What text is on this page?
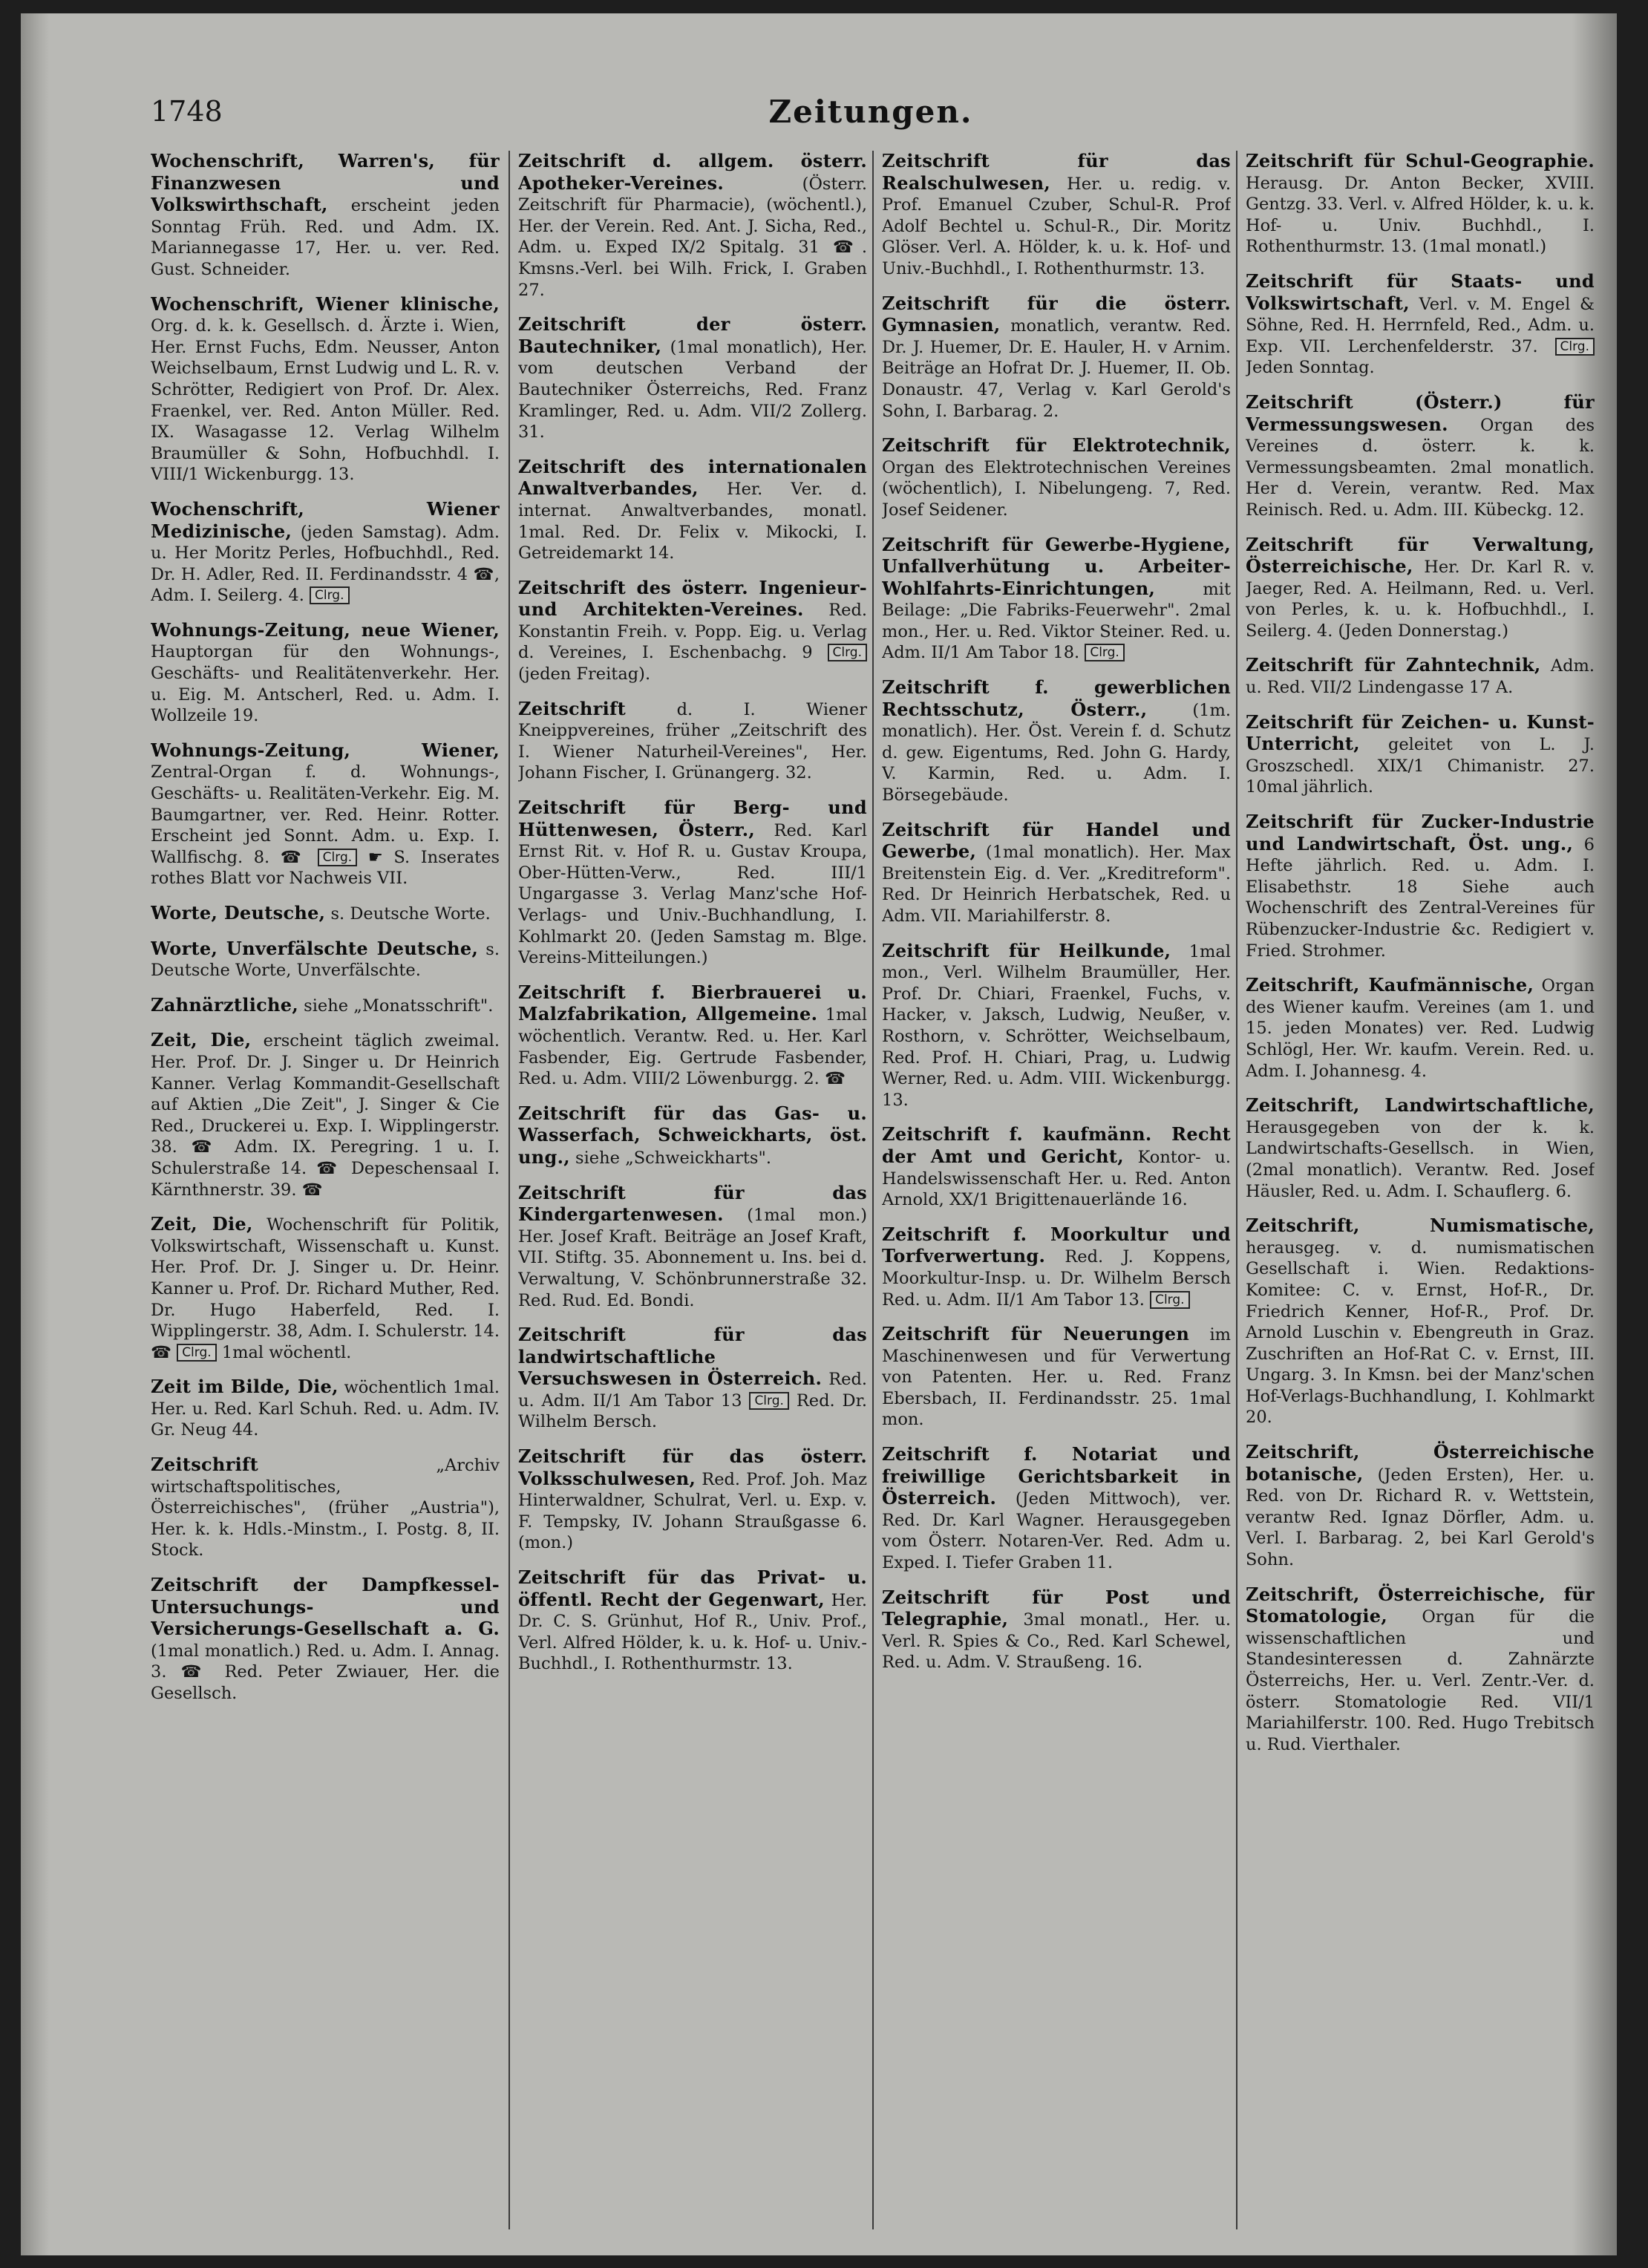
1748	Zeitungen.
Wochenschrift, Warren's, für Finanzwesen und Volkswirthschaft, erscheint jeden Sonntag Früh. Red. und Adm. IX. Mariannegasse 17, Her. u. ver. Red. Gust. Schneider.
Wochenschrift, Wiener klinische, Org. d. k. k. Gesellsch. d. Ärzte i. Wien, Her. Ernst Fuchs, Edm. Neusser, Anton Weichselbaum, Ernst Ludwig und L. R. v. Schrötter, Redigiert von Prof. Dr. Alex. Fraenkel, ver. Red. Anton Müller. Red. IX. Wasagasse 12. Verlag Wilhelm Braumüller & Sohn, Hofbuchhdl. I. VIII/1 Wickenburgg. 13.
Wochenschrift, Wiener Medizinische, (jeden Samstag). Adm. u. Her Moritz Perles, Hofbuchhdl., Red. Dr. H. Adler, Red. II. Ferdinandsstr. 4 ☎, Adm. I. Seilerg. 4. Clrg.
Wohnungs-Zeitung, neue Wiener, Hauptorgan für den Wohnungs-, Geschäfts- und Realitätenverkehr. Her. u. Eig. M. Antscherl, Red. u. Adm. I. Wollzeile 19.
Wohnungs-Zeitung, Wiener, Zentral-Organ f. d. Wohnungs-, Geschäfts- u. Realitäten-Verkehr. Eig. M. Baumgartner, ver. Red. Heinr. Rotter. Erscheint jed Sonnt. Adm. u. Exp. I. Wallfischg. 8. ☎ Clrg. ☛ S. Inserates rothes Blatt vor Nachweis VII.
Worte, Deutsche, s. Deutsche Worte.
Worte, Unverfälschte Deutsche, s. Deutsche Worte, Unverfälschte.
Zahnärztliche, siehe „Monatsschrift".
Zeit, Die, erscheint täglich zweimal. Her. Prof. Dr. J. Singer u. Dr Heinrich Kanner. Verlag Kommandit-Gesellschaft auf Aktien „Die Zeit", J. Singer & Cie Red., Druckerei u. Exp. I. Wipplingerstr. 38. ☎ Adm. IX. Peregring. 1 u. I. Schulerstraße 14. ☎ Depeschensaal I. Kärnthnerstr. 39. ☎
Zeit, Die, Wochenschrift für Politik, Volkswirtschaft, Wissenschaft u. Kunst. Her. Prof. Dr. J. Singer u. Dr. Heinr. Kanner u. Prof. Dr. Richard Muther, Red. Dr. Hugo Haberfeld, Red. I. Wipplingerstr. 38, Adm. I. Schulerstr. 14. ☎ Clrg. 1mal wöchentl.
Zeit im Bilde, Die, wöchentlich 1mal. Her. u. Red. Karl Schuh. Red. u. Adm. IV. Gr. Neug 44.
Zeitschrift	„Archiv wirtschaftspolitisches, Österreichisches", (früher „Austria"), Her. k. k. Hdls.-Minstm., I. Postg. 8, II. Stock.
Zeitschrift der Dampfkessel-Untersuchungs- und Versicherungs-Gesellschaft a. G. (1mal monatlich.) Red. u. Adm. I. Annag. 3. ☎ Red. Peter Zwiauer, Her. die Gesellsch.
Zeitschrift d. allgem. österr. Apotheker-Vereines.	(Österr. Zeitschrift für Pharmacie), (wöchentl.), Her. der Verein. Red. Ant. J. Sicha, Red., Adm. u. Exped IX/2 Spitalg. 31 ☎. Kmsns.-Verl. bei Wilh. Frick, I. Graben 27.
Zeitschrift der österr. Bautechniker, (1mal monatlich), Her. vom deutschen Verband der Bautechniker Österreichs, Red. Franz Kramlinger, Red. u. Adm. VII/2 Zollerg. 31.
Zeitschrift des internationalen Anwaltverbandes, Her. Ver. d. internat. Anwaltverbandes, monatl. 1mal. Red. Dr. Felix v. Mikocki, I. Getreidemarkt 14.
Zeitschrift des österr. Ingenieur- und Architekten-Vereines. Red. Konstantin Freih. v. Popp. Eig. u. Verlag d. Vereines, I. Eschenbachg. 9 Clrg. (jeden Freitag).
Zeitschrift	d. I. Wiener Kneippvereines, früher „Zeitschrift des I. Wiener Naturheil-Vereines", Her. Johann Fischer, I. Grünangerg. 32.
Zeitschrift für Berg- und Hüttenwesen, Österr., Red. Karl Ernst Rit. v. Hof R. u. Gustav Kroupa, Ober-Hütten-Verw., Red. III/1 Ungargasse 3. Verlag Manz'sche Hof-Verlags- und Univ.-Buchhandlung, I. Kohlmarkt 20. (Jeden Samstag m. Blge. Vereins-Mitteilungen.)
Zeitschrift f. Bierbrauerei u. Malzfabrikation, Allgemeine. 1mal wöchentlich. Verantw. Red. u. Her. Karl Fasbender, Eig. Gertrude Fasbender, Red. u. Adm. VIII/2 Löwenburgg. 2. ☎
Zeitschrift für das Gas- u. Wasserfach, Schweickharts, öst. ung., siehe „Schweickharts".
Zeitschrift für das Kindergartenwesen. (1mal mon.) Her. Josef Kraft. Beiträge an Josef Kraft, VII. Stiftg. 35. Abonnement u. Ins. bei d. Verwaltung, V. Schönbrunnerstraße 32. Red. Rud. Ed. Bondi.
Zeitschrift für das landwirtschaftliche Versuchswesen in Österreich. Red. u. Adm. II/1 Am Tabor 13 Clrg. Red. Dr. Wilhelm Bersch.
Zeitschrift für das österr. Volksschulwesen, Red. Prof. Joh. Maz Hinterwaldner, Schulrat, Verl. u. Exp. v. F. Tempsky, IV. Johann Straußgasse 6. (mon.)
Zeitschrift für das Privat- u. öffentl. Recht der Gegenwart, Her. Dr. C. S. Grünhut, Hof R., Univ. Prof., Verl. Alfred Hölder, k. u. k. Hof- u. Univ.-Buchhdl., I. Rothenthurmstr. 13.
Zeitschrift für das Realschulwesen, Her. u. redig. v. Prof. Emanuel Czuber, Schul-R. Prof Adolf Bechtel u. Schul-R., Dir. Moritz Glöser. Verl. A. Hölder, k. u. k. Hof- und Univ.-Buchhdl., I. Rothenthurmstr. 13.
Zeitschrift für die österr. Gymnasien, monatlich, verantw. Red. Dr. J. Huemer, Dr. E. Hauler, H. v Arnim. Beiträge an Hofrat Dr. J. Huemer, II. Ob. Donaustr. 47, Verlag v. Karl Gerold's Sohn, I. Barbarag. 2.
Zeitschrift für Elektrotechnik, Organ des Elektrotechnischen Vereines (wöchentlich), I. Nibelungeng. 7, Red. Josef Seidener.
Zeitschrift für Gewerbe-Hygiene, Unfallverhütung u. Arbeiter-Wohlfahrts-Einrichtungen,	mit Beilage: „Die Fabriks-Feuerwehr". 2mal mon., Her. u. Red. Viktor Steiner. Red. u. Adm. II/1 Am Tabor 18. Clrg.
Zeitschrift f. gewerblichen Rechtsschutz, Österr.,	(1m. monatlich). Her. Öst. Verein f. d. Schutz d. gew. Eigentums, Red. John G. Hardy, V. Karmin, Red. u. Adm. I. Börsegebäude.
Zeitschrift für Handel und Gewerbe, (1mal monatlich). Her. Max Breitenstein Eig. d. Ver. „Kreditreform". Red. Dr Heinrich Herbatschek, Red. u Adm. VII. Mariahilferstr. 8.
Zeitschrift für Heilkunde, 1mal mon., Verl. Wilhelm Braumüller, Her. Prof. Dr. Chiari, Fraenkel, Fuchs, v. Hacker, v. Jaksch, Ludwig, Neußer, v. Rosthorn, v. Schrötter, Weichselbaum, Red. Prof. H. Chiari, Prag, u. Ludwig Werner, Red. u. Adm. VIII. Wickenburgg. 13.
Zeitschrift f. kaufmänn. Recht der Amt und Gericht, Kontor- u. Handelswissenschaft Her. u. Red. Anton Arnold, XX/1 Brigittenauerlände 16.
Zeitschrift f. Moorkultur und Torfverwertung. Red. J. Koppens, Moorkultur-Insp. u. Dr. Wilhelm Bersch Red. u. Adm. II/1 Am Tabor 13. Clrg.
Zeitschrift für Neuerungen im Maschinenwesen und für Verwertung von Patenten. Her. u. Red. Franz Ebersbach, II. Ferdinandsstr. 25. 1mal mon.
Zeitschrift f. Notariat und freiwillige Gerichtsbarkeit in Österreich. (Jeden Mittwoch), ver. Red. Dr. Karl Wagner. Herausgegeben vom Österr. Notaren-Ver. Red. Adm u. Exped. I. Tiefer Graben 11.
Zeitschrift für Post und Telegraphie, 3mal monatl., Her. u. Verl. R. Spies & Co., Red. Karl Schewel, Red. u. Adm. V. Straußeng. 16.
Zeitschrift für Schul-Geographie. Herausg. Dr. Anton Becker, XVIII. Gentzg. 33. Verl. v. Alfred Hölder, k. u. k. Hof- u. Univ. Buchhdl., I. Rothenthurmstr. 13. (1mal monatl.)
Zeitschrift für Staats- und Volkswirtschaft, Verl. v. M. Engel & Söhne, Red. H. Herrnfeld, Red., Adm. u. Exp. VII. Lerchenfelderstr. 37. Clrg. Jeden Sonntag.
Zeitschrift (Österr.) für Vermessungswesen. Organ des Vereines d. österr. k. k. Vermessungsbeamten. 2mal monatlich. Her d. Verein, verantw. Red. Max Reinisch. Red. u. Adm. III. Kübeckg. 12.
Zeitschrift für Verwaltung, Österreichische, Her. Dr. Karl R. v. Jaeger, Red. A. Heilmann, Red. u. Verl. von Perles, k. u. k. Hofbuchhdl., I. Seilerg. 4. (Jeden Donnerstag.)
Zeitschrift für Zahntechnik, Adm. u. Red. VII/2 Lindengasse 17 A.
Zeitschrift für Zeichen- u. Kunst-Unterricht, geleitet von L. J. Groszschedl. XIX/1 Chimanistr. 27. 10mal jährlich.
Zeitschrift für Zucker-Industrie und Landwirtschaft, Öst. ung., 6 Hefte jährlich. Red. u. Adm. I. Elisabethstr. 18 Siehe auch Wochenschrift des Zentral-Vereines für Rübenzucker-Industrie &c. Redigiert v. Fried. Strohmer.
Zeitschrift, Kaufmännische, Organ des Wiener kaufm. Vereines (am 1. und 15. jeden Monates) ver. Red. Ludwig Schlögl, Her. Wr. kaufm. Verein. Red. u. Adm. I. Johannesg. 4.
Zeitschrift, Landwirtschaftliche, Herausgegeben von der k. k. Landwirtschafts-Gesellsch. in Wien, (2mal monatlich). Verantw. Red. Josef Häusler, Red. u. Adm. I. Schauflerg. 6.
Zeitschrift, Numismatische, herausgeg. v. d. numismatischen Gesellschaft i. Wien. Redaktions-Komitee: C. v. Ernst, Hof-R., Dr. Friedrich Kenner, Hof-R., Prof. Dr. Arnold Luschin v. Ebengreuth in Graz. Zuschriften an Hof-Rat C. v. Ernst, III. Ungarg. 3. In Kmsn. bei der Manz'schen Hof-Verlags-Buchhandlung, I. Kohlmarkt 20.
Zeitschrift, Österreichische botanische, (Jeden Ersten), Her. u. Red. von Dr. Richard R. v. Wettstein, verantw Red. Ignaz Dörfler, Adm. u. Verl. I. Barbarag. 2, bei Karl Gerold's Sohn.
Zeitschrift, Österreichische, für Stomatologie, Organ für die wissenschaftlichen und Standesinteressen d. Zahnärzte Österreichs, Her. u. Verl. Zentr.-Ver. d. österr. Stomatologie Red. VII/1 Mariahilferstr. 100. Red. Hugo Trebitsch u. Rud. Vierthaler.
